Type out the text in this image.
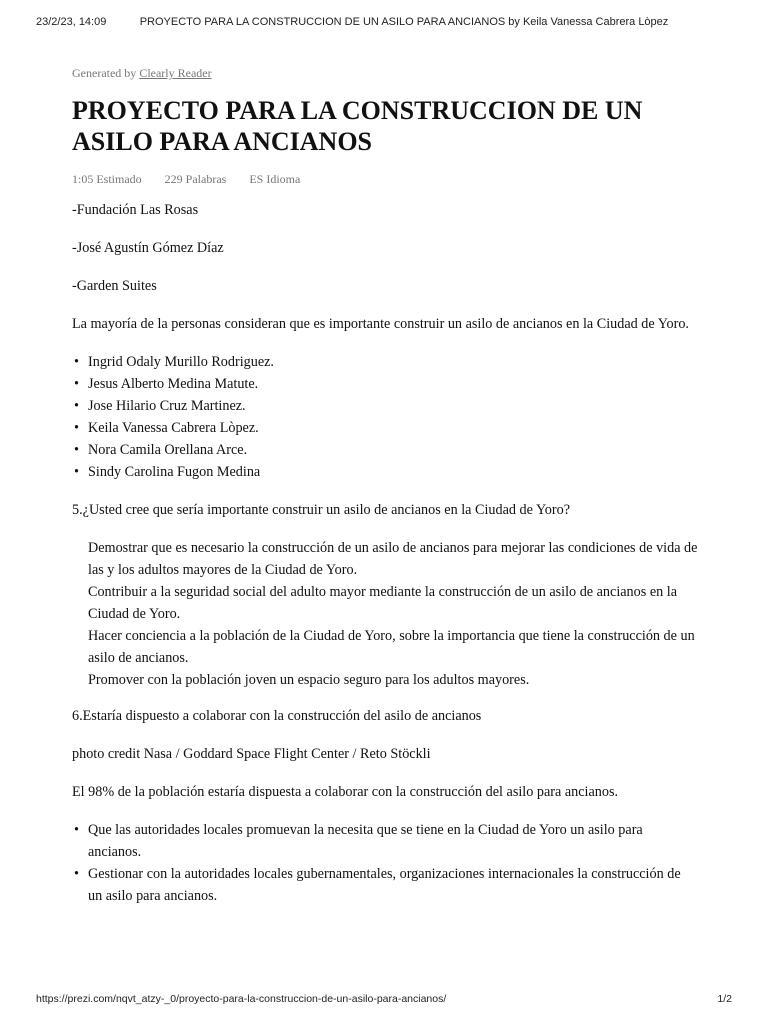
23/2/23, 14:09	PROYECTO PARA LA CONSTRUCCION DE UN ASILO PARA ANCIANOS by Keila Vanessa Cabrera Lòpez
Generated by Clearly Reader
PROYECTO PARA LA CONSTRUCCION DE UN ASILO PARA ANCIANOS
1:05 Estimado 229 Palabras ES Idioma

-Fundación Las Rosas

-José Agustín Gómez Díaz

-Garden Suites

La mayoría de la personas consideran que es importante construir un asilo de ancianos en la Ciudad de Yoro.

• Ingrid Odaly Murillo Rodriguez.
• Jesus Alberto Medina Matute.
• Jose Hilario Cruz Martinez.
• Keila Vanessa Cabrera Lòpez.
• Nora Camila Orellana Arce.
• Sindy Carolina Fugon Medina

5.¿Usted cree que sería importante construir un asilo de ancianos en la Ciudad de Yoro?

Demostrar que es necesario la construcción de un asilo de ancianos para mejorar las condiciones de vida de las y los adultos mayores de la Ciudad de Yoro.
Contribuir a la seguridad social del adulto mayor mediante la construcción de un asilo de ancianos en la Ciudad de Yoro.
Hacer conciencia a la población de la Ciudad de Yoro, sobre la importancia que tiene la construcción de un asilo de ancianos.
Promover con la población joven un espacio seguro para los adultos mayores.

6.Estaría dispuesto a colaborar con la construcción del asilo de ancianos

photo credit Nasa / Goddard Space Flight Center / Reto Stöckli

El 98% de la población estaría dispuesta a colaborar con la construcción del asilo para ancianos.

• Que las autoridades locales promuevan la necesita que se tiene en la Ciudad de Yoro un asilo para ancianos.
• Gestionar con la autoridades locales gubernamentales, organizaciones internacionales la construcción de un asilo para ancianos.
https://prezi.com/nqvt_atzy-_0/proyecto-para-la-construccion-de-un-asilo-para-ancianos/	1/2
